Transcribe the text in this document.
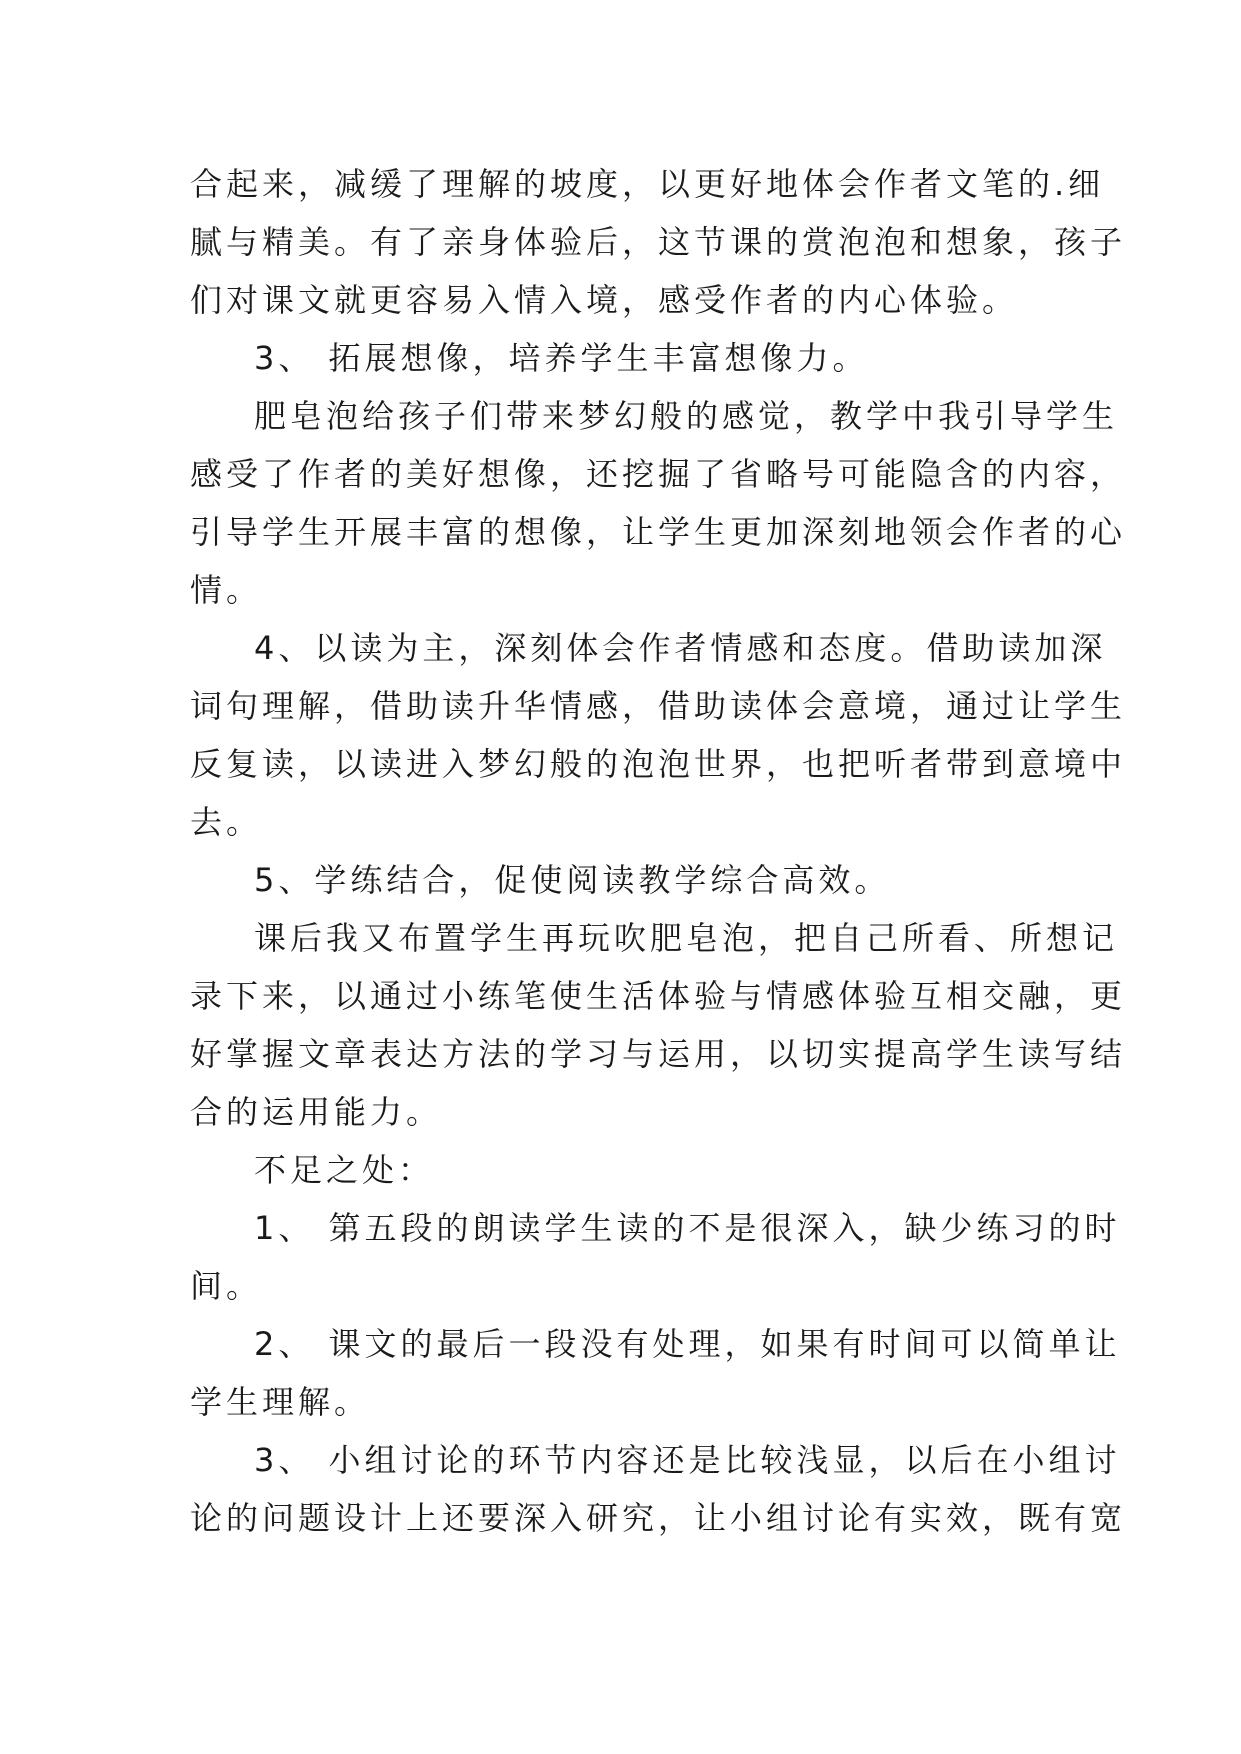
合起来，减缓了理解的坡度，以更好地体会作者文笔的.细
腻与精美。有了亲身体验后，这节课的赏泡泡和想象，孩子
们对课文就更容易入情入境，感受作者的内心体验。
3、 拓展想像，培养学生丰富想像力。
肥皂泡给孩子们带来梦幻般的感觉，教学中我引导学生
感受了作者的美好想像，还挖掘了省略号可能隐含的内容，
引导学生开展丰富的想像，让学生更加深刻地领会作者的心
情。
4、以读为主，深刻体会作者情感和态度。借助读加深
词句理解，借助读升华情感，借助读体会意境，通过让学生
反复读，以读进入梦幻般的泡泡世界，也把听者带到意境中
去。
5、学练结合，促使阅读教学综合高效。
课后我又布置学生再玩吹肥皂泡，把自己所看、所想记
录下来，以通过小练笔使生活体验与情感体验互相交融，更
好掌握文章表达方法的学习与运用，以切实提高学生读写结
合的运用能力。
不足之处：
1、 第五段的朗读学生读的不是很深入，缺少练习的时
间。
2、 课文的最后一段没有处理，如果有时间可以简单让
学生理解。
3、 小组讨论的环节内容还是比较浅显，以后在小组讨
论的问题设计上还要深入研究，让小组讨论有实效，既有宽
